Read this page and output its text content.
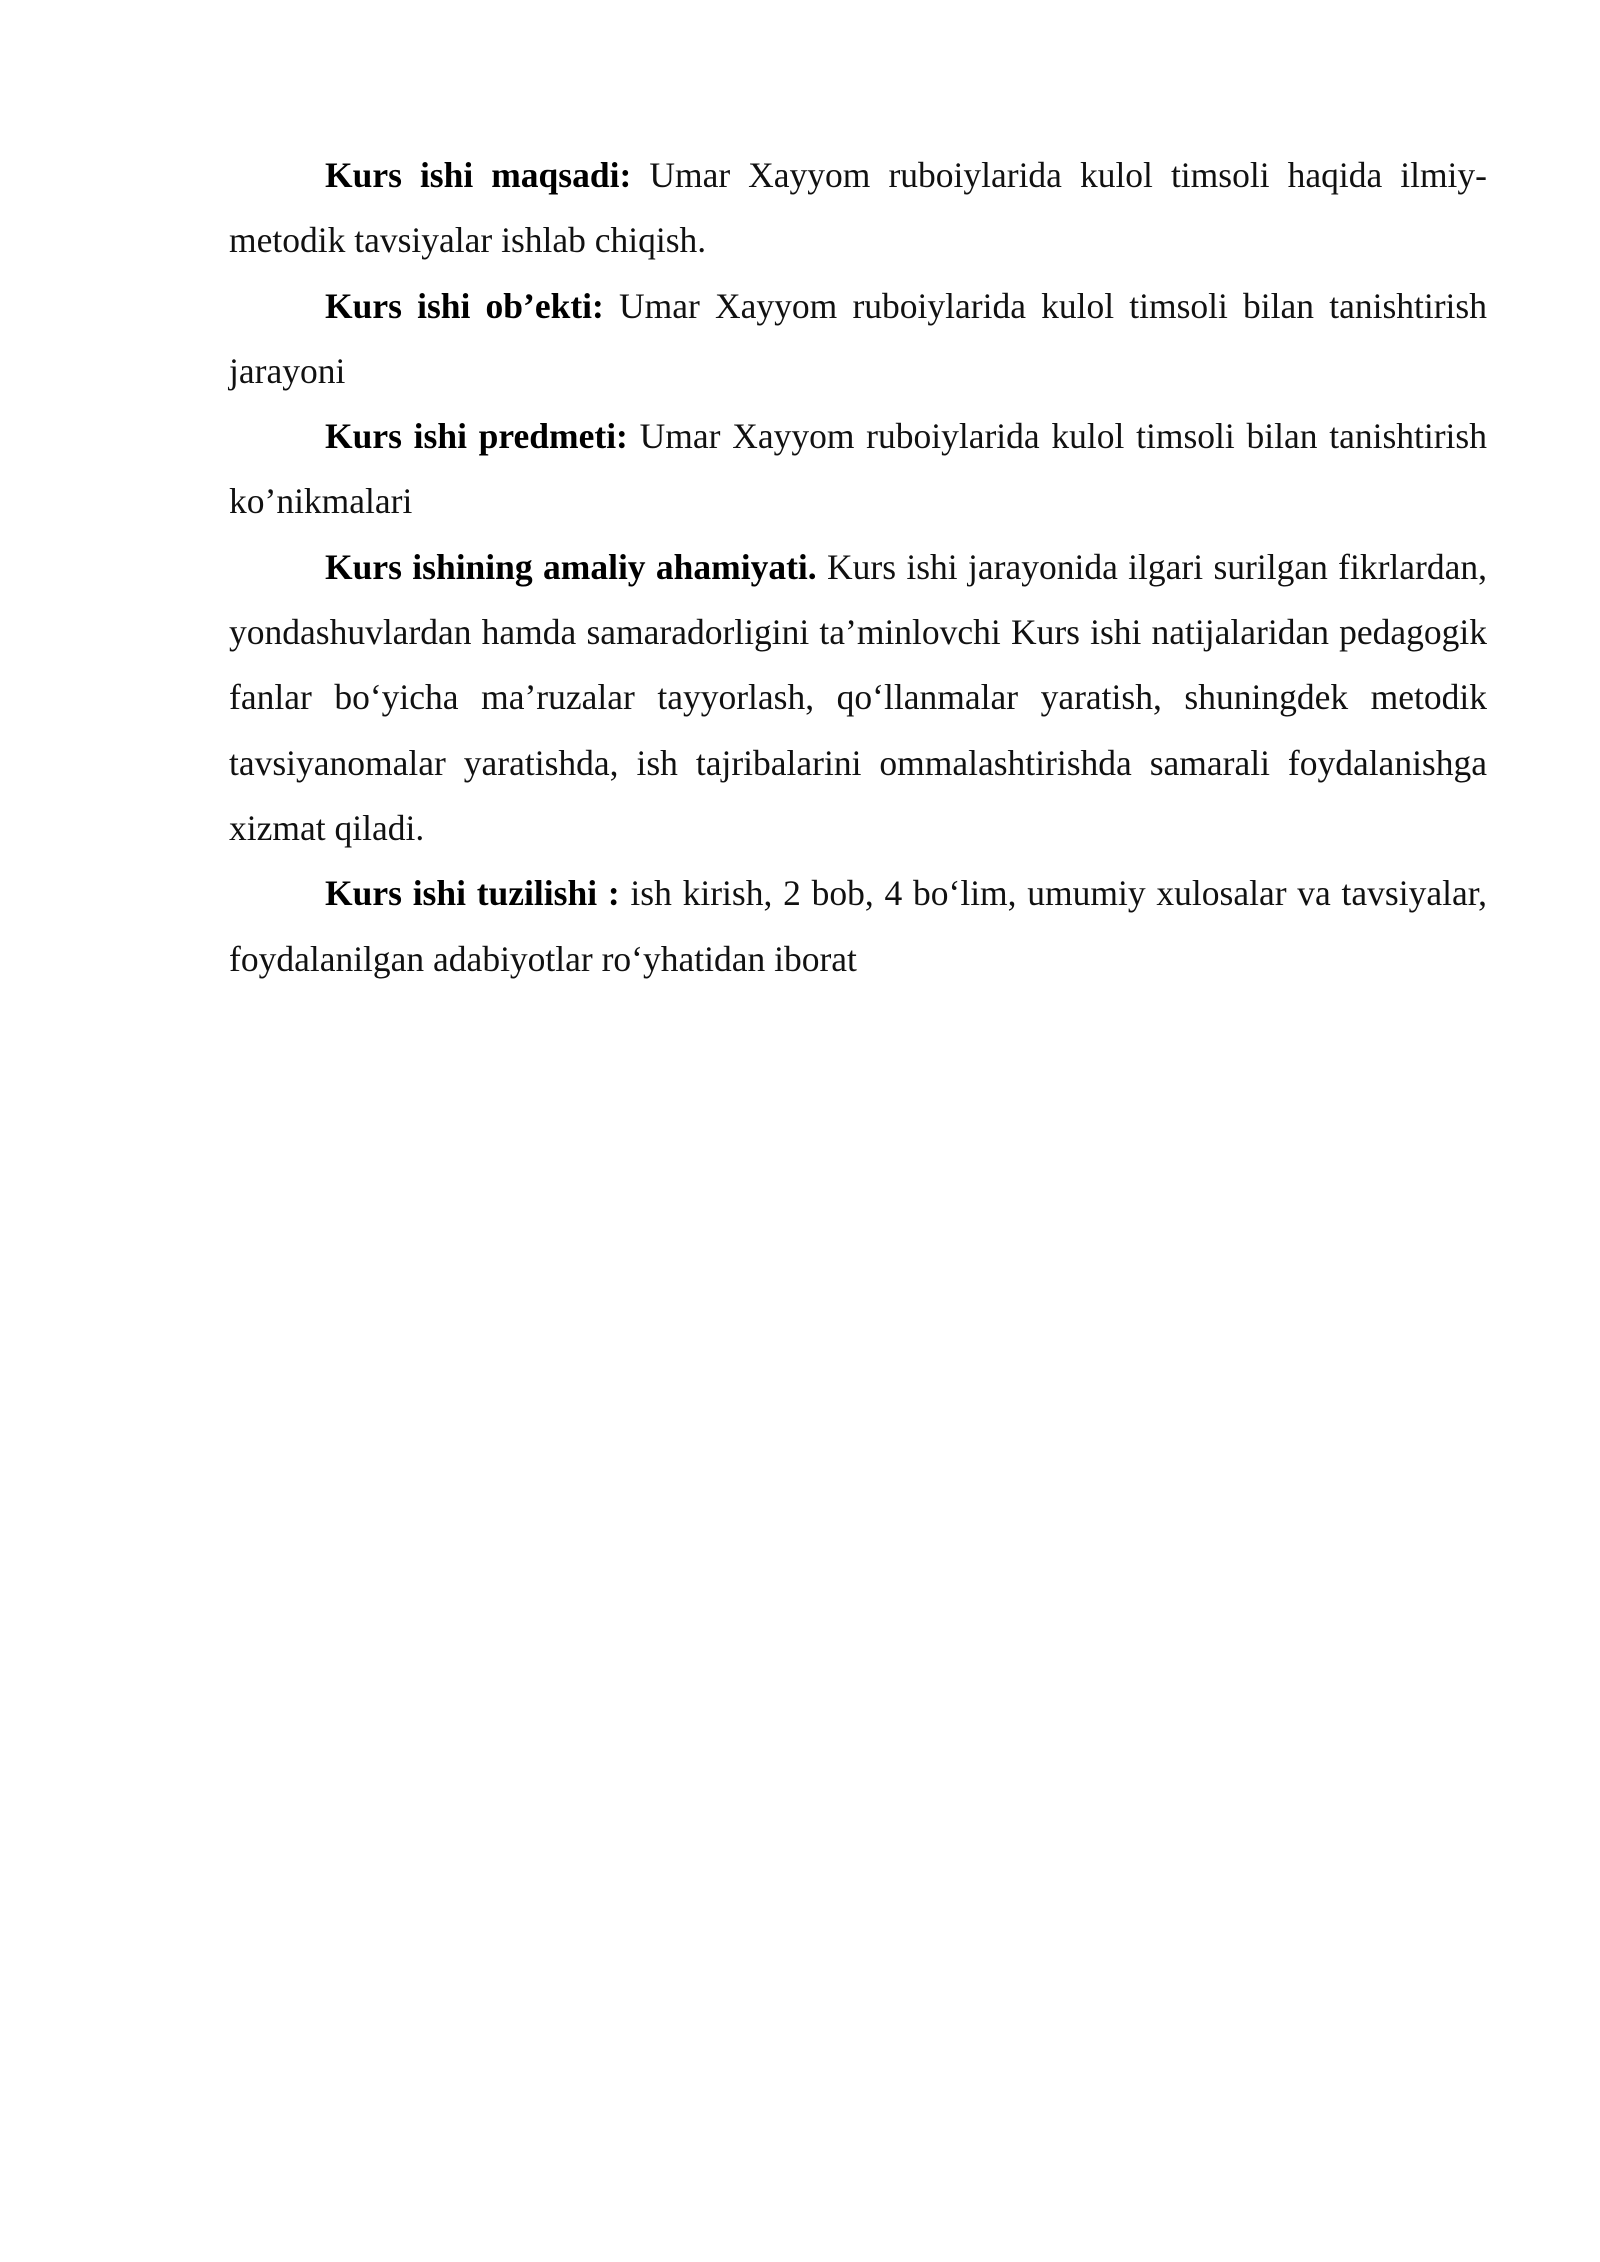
Kurs ishi maqsadi: Umar Xayyom ruboiylarida kulol timsoli haqida ilmiy-metodik tavsiyalar ishlab chiqish.

Kurs ishi ob’ekti: Umar Xayyom ruboiylarida kulol timsoli bilan tanishtirish jarayoni

Kurs ishi predmeti: Umar Xayyom ruboiylarida kulol timsoli bilan tanishtirish ko’nikmalari

Kurs ishining amaliy ahamiyati. Kurs ishi jarayonida ilgari surilgan fikrlardan, yondashuvlardan hamda samaradorligini ta’minlovchi Kurs ishi natijalaridan pedagogik fanlar bo‘yicha ma’ruzalar tayyorlash, qo‘llanmalar yaratish, shuningdek metodik tavsiyanomalar yaratishda, ish tajribalarini ommalashtirishda samarali foydalanishga xizmat qiladi.

Kurs ishi tuzilishi : ish kirish, 2 bob, 4 bo‘lim, umumiy xulosalar va tavsiyalar, foydalanilgan adabiyotlar ro‘yhatidan iborat
